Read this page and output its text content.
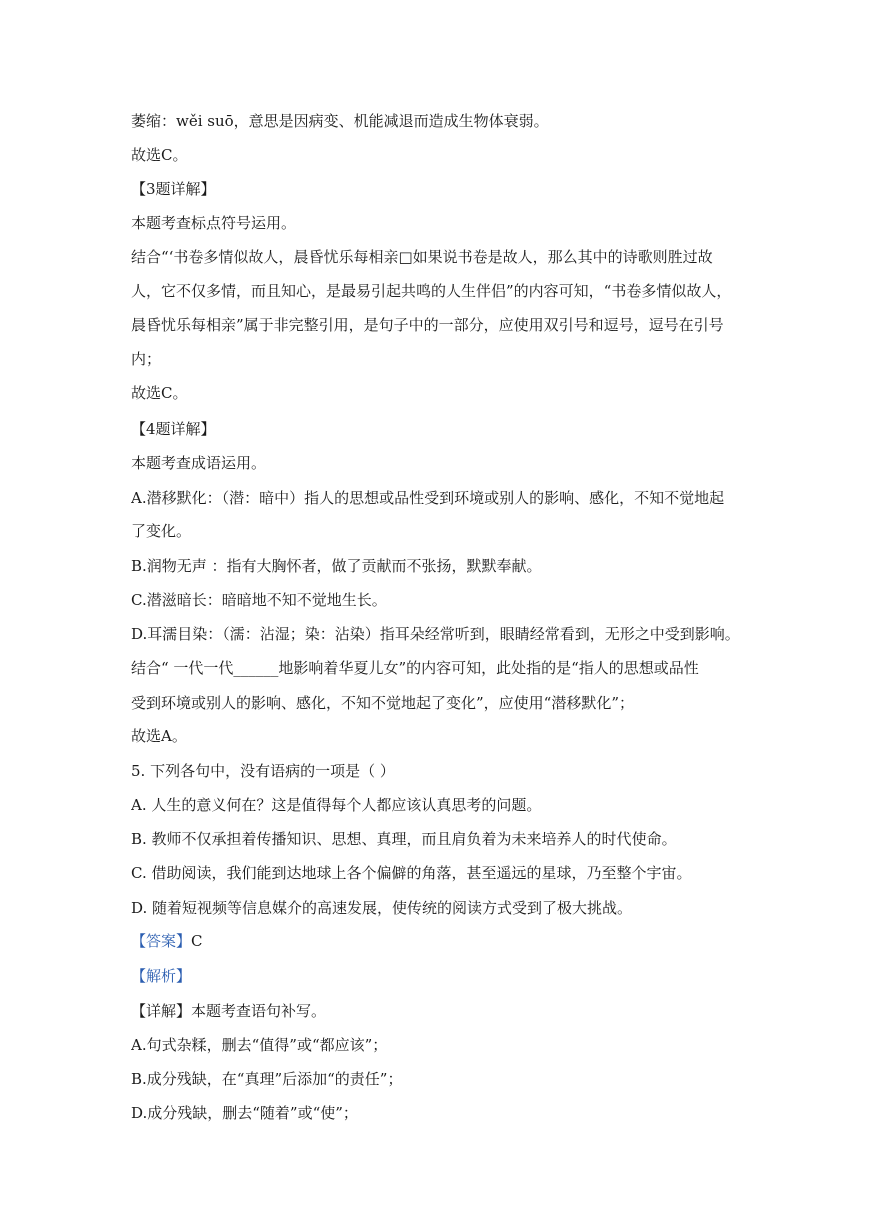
萎缩：wěi suō，意思是因病变、机能减退而造成生物体衰弱。
故选C。
【3题详解】
本题考查标点符号运用。
结合“‘书卷多情似故人，晨昏忧乐每相亲□如果说书卷是故人，那么其中的诗歌则胜过故
人，它不仅多情，而且知心，是最易引起共鸣的人生伴侣”的内容可知，“书卷多情似故人，
晨昏忧乐每相亲”属于非完整引用，是句子中的一部分，应使用双引号和逗号，逗号在引号
内；
故选C。
【4题详解】
本题考查成语运用。
A.潜移默化：（潜：暗中）指人的思想或品性受到环境或别人的影响、感化，不知不觉地起
了变化。
B.润物无声 ：指有大胸怀者，做了贡献而不张扬，默默奉献。
C.潜滋暗长：暗暗地不知不觉地生长。
D.耳濡目染：（濡：沾湿；染：沾染）指耳朵经常听到，眼睛经常看到，无形之中受到影响。
结合“ 一代一代______地影响着华夏儿女”的内容可知，此处指的是“指人的思想或品性
受到环境或别人的影响、感化，不知不觉地起了变化”，应使用“潜移默化”；
故选A。
5. 下列各句中，没有语病的一项是（ ）
A. 人生的意义何在？这是值得每个人都应该认真思考的问题。
B. 教师不仅承担着传播知识、思想、真理，而且肩负着为未来培养人的时代使命。
C. 借助阅读，我们能到达地球上各个偏僻的角落，甚至遥远的星球，乃至整个宇宙。
D. 随着短视频等信息媒介的高速发展，使传统的阅读方式受到了极大挑战。
【答案】C
【解析】
【详解】本题考查语句补写。
A.句式杂糅，删去“值得”或“都应该”；
B.成分残缺，在“真理”后添加“的责任”；
D.成分残缺，删去“随着”或“使”；
